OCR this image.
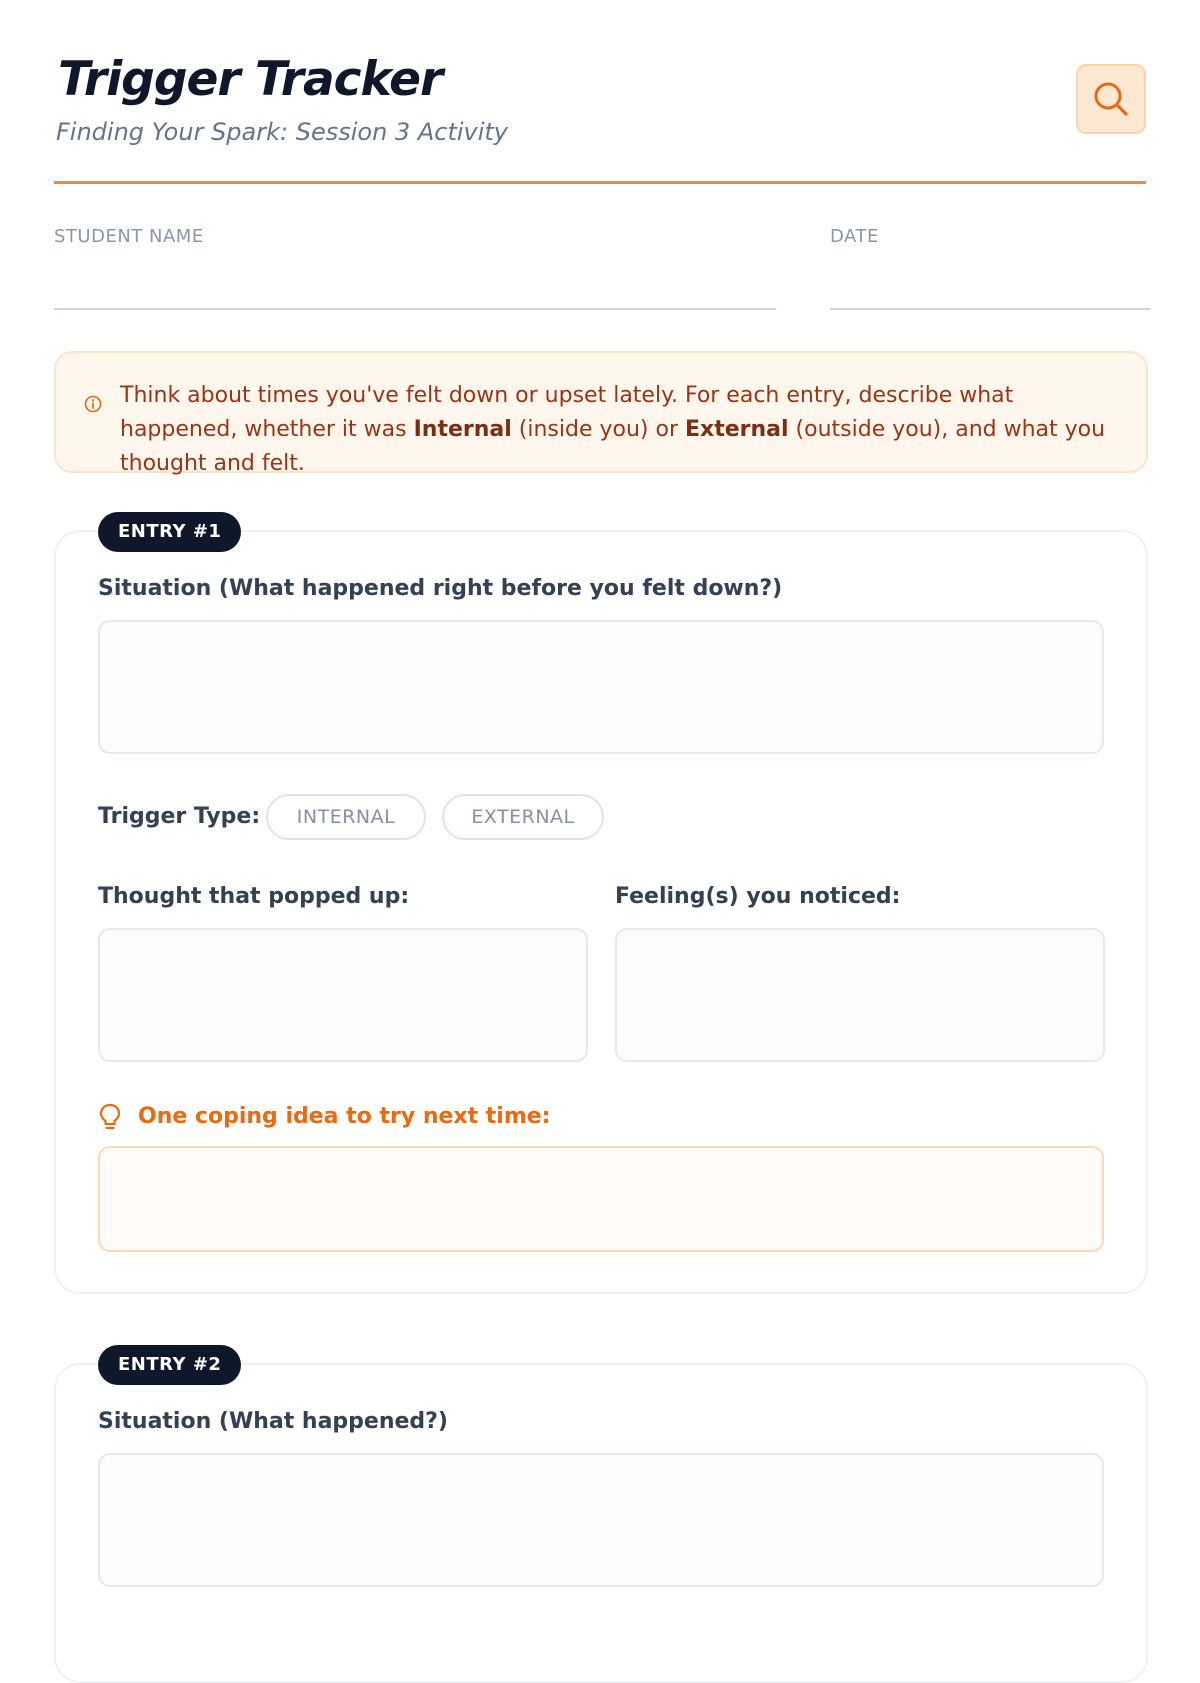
Trigger Tracker
Finding Your Spark: Session 3 Activity
STUDENT NAME	DATE
Think about times you've felt down or upset lately. For each entry, describe what happened, whether it was Internal (inside you) or External (outside you), and what you thought and felt.
ENTRY #1
Situation (What happened right before you felt down?)
Trigger Type:	INTERNAL	EXTERNAL
Thought that popped up:	Feeling(s) you noticed:
One coping idea to try next time:
ENTRY #2
Situation (What happened?)
